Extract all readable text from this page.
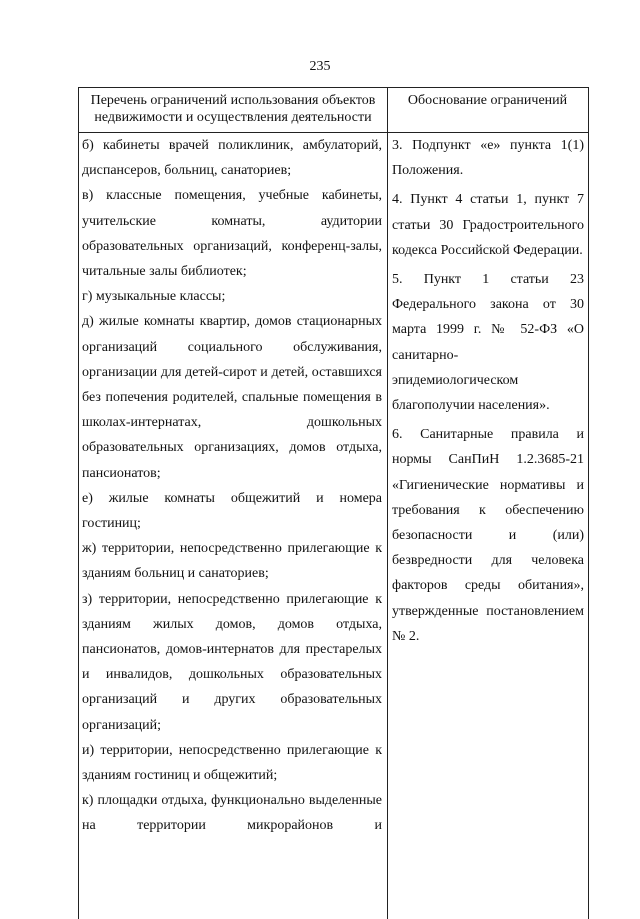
235
Перечень ограничений использования объектов недвижимости и осуществления деятельности
Обоснование ограничений
б) кабинеты врачей поликлиник, амбулаторий, диспансеров, больниц, санаториев;
в) классные помещения, учебные кабинеты, учительские комнаты, аудитории образовательных организаций, конференц-залы, читальные залы библиотек;
г) музыкальные классы;
д) жилые комнаты квартир, домов стационарных организаций социального обслуживания, организации для детей-сирот и детей, оставшихся без попечения родителей, спальные помещения в школах-интернатах, дошкольных образовательных организациях, домов отдыха, пансионатов;
е) жилые комнаты общежитий и номера гостиниц;
ж) территории, непосредственно прилегающие к зданиям больниц и санаториев;
з) территории, непосредственно прилегающие к зданиям жилых домов, домов отдыха, пансионатов, домов-интернатов для престарелых и инвалидов, дошкольных образовательных организаций и других образовательных организаций;
и) территории, непосредственно прилегающие к зданиям гостиниц и общежитий;
к) площадки отдыха, функционально выделенные на территории микрорайонов и
3. Подпункт «е» пункта 1(1) Положения.
4. Пункт 4 статьи 1, пункт 7 статьи 30 Градостроительного кодекса Российской Федерации.
5. Пункт 1 статьи 23 Федерального закона от 30 марта 1999 г. № 52-ФЗ «О санитарно-эпидемиологическом благополучии населения».
6. Санитарные правила и нормы СанПиН 1.2.3685-21 «Гигиенические нормативы и требования к обеспечению безопасности и (или) безвредности для человека факторов среды обитания», утвержденные постановлением № 2.
